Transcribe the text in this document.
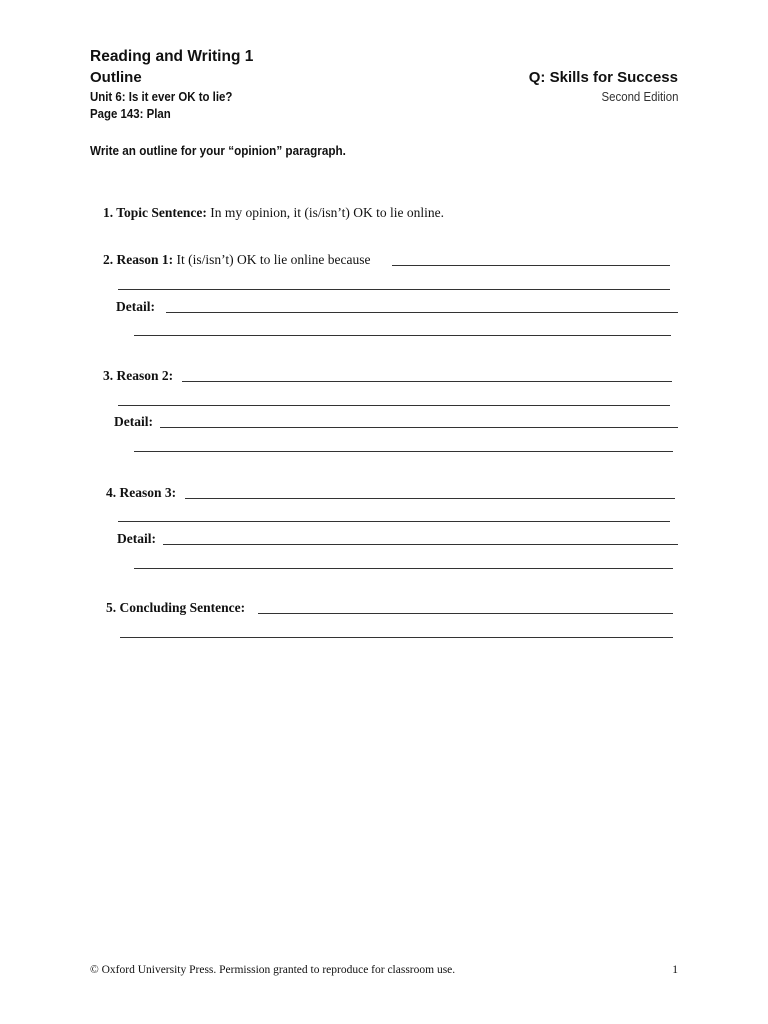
Reading and Writing 1
Outline
Unit 6: Is it ever OK to lie?
Page 143: Plan
Q: Skills for Success
Second Edition
Write an outline for your “opinion” paragraph.
1. Topic Sentence: In my opinion, it (is/isn’t) OK to lie online.
2. Reason 1: It (is/isn’t) OK to lie online because
Detail:
3. Reason 2:
Detail:
4. Reason 3:
Detail:
5. Concluding Sentence:
© Oxford University Press. Permission granted to reproduce for classroom use.	1
